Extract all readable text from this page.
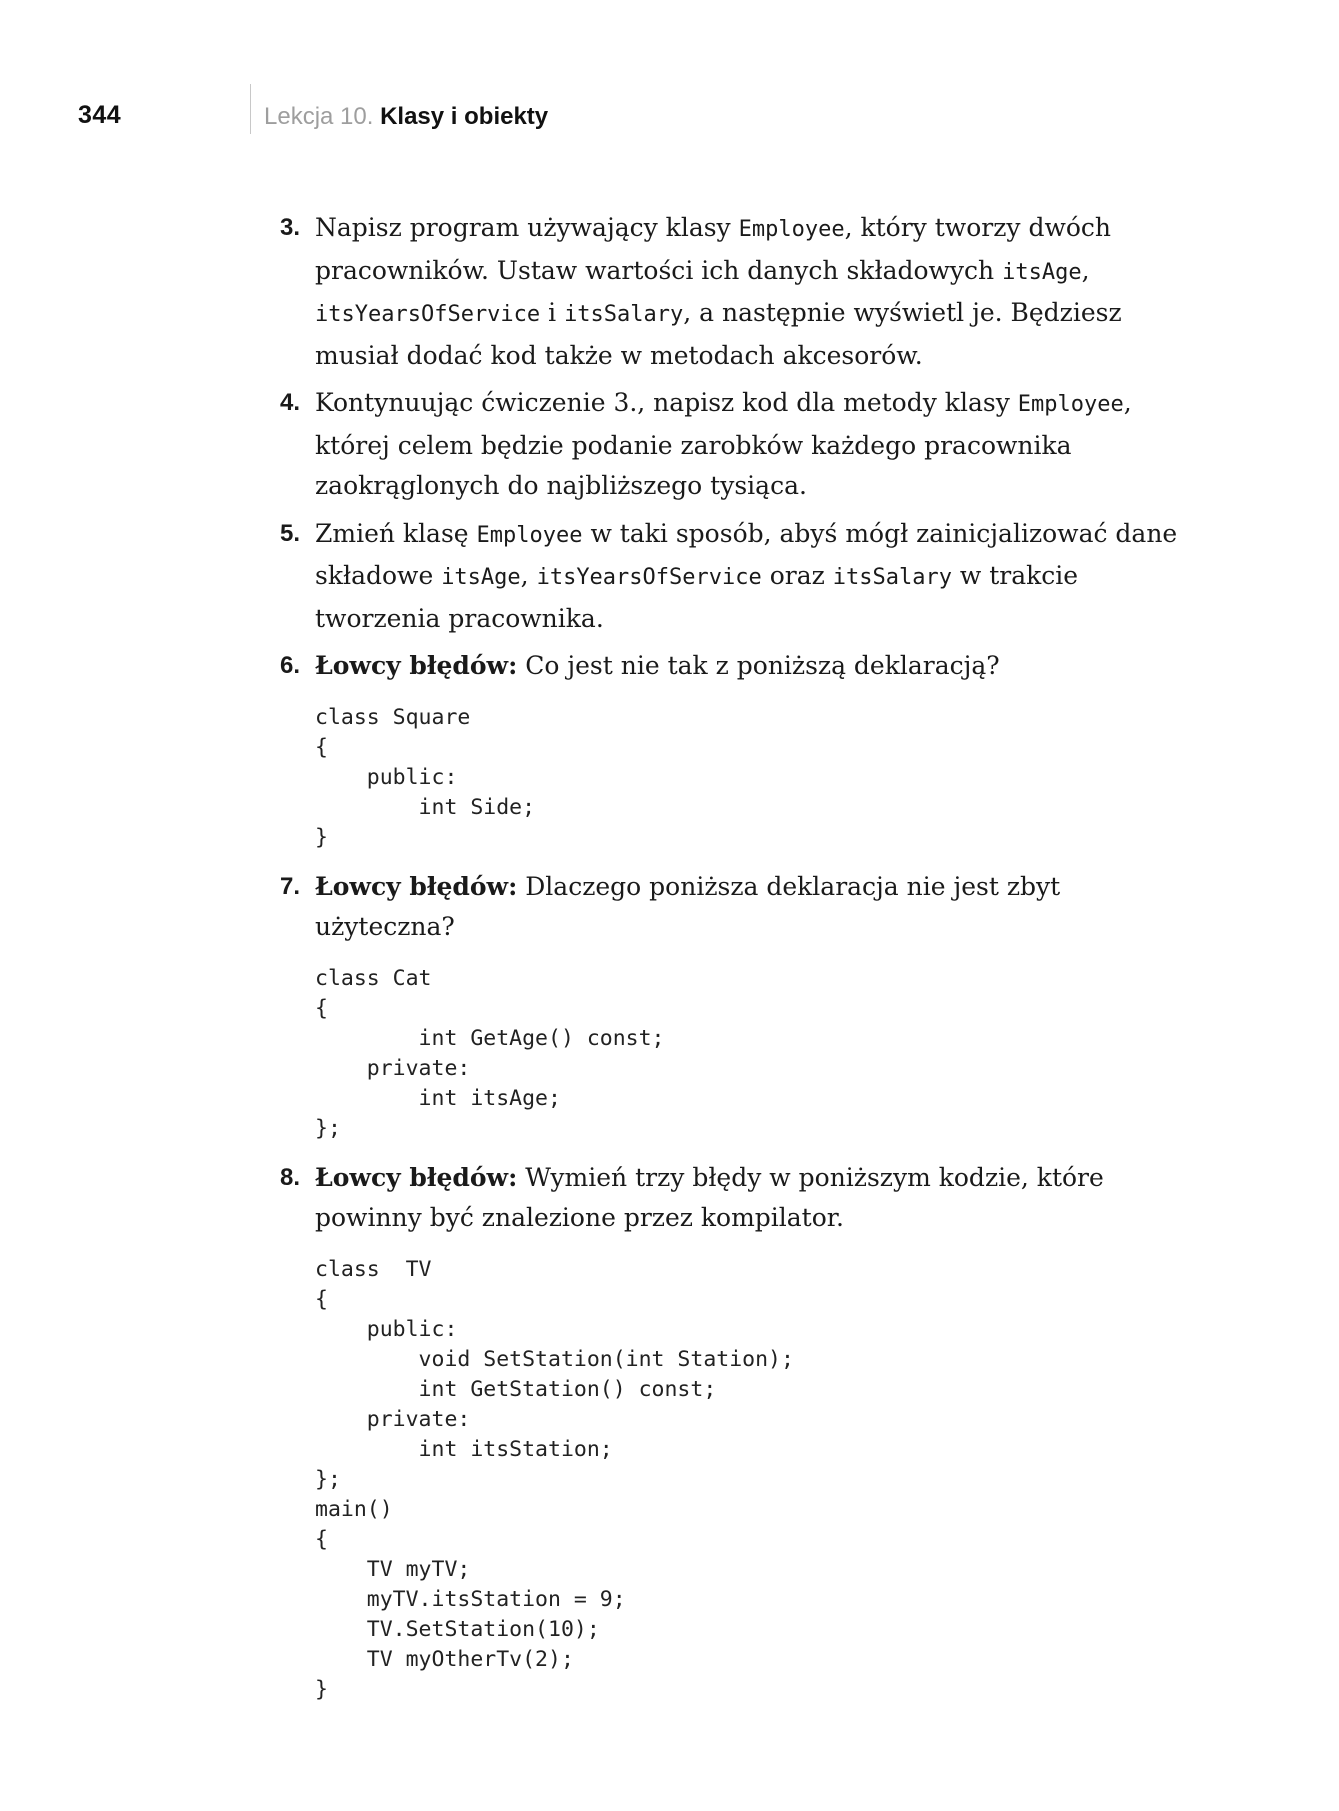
344	Lekcja 10. Klasy i obiekty
3. Napisz program używający klasy Employee, który tworzy dwóch pracowników. Ustaw wartości ich danych składowych itsAge, itsYearsOfService i itsSalary, a następnie wyświetl je. Będziesz musiał dodać kod także w metodach akcesorów.
4. Kontynuując ćwiczenie 3., napisz kod dla metody klasy Employee, której celem będzie podanie zarobków każdego pracownika zaokrąglonych do najbliższego tysiąca.
5. Zmień klasę Employee w taki sposób, abyś mógł zainicjalizować dane składowe itsAge, itsYearsOfService oraz itsSalary w trakcie tworzenia pracownika.
6. Łowcy błędów: Co jest nie tak z poniższą deklaracją?
class Square
{
public:
int Side;
}
7. Łowcy błędów: Dlaczego poniższa deklaracja nie jest zbyt użyteczna?
class Cat
{
int GetAge() const;
private:
int itsAge;
};
8. Łowcy błędów: Wymień trzy błędy w poniższym kodzie, które powinny być znalezione przez kompilator.
class  TV
{
public:
void SetStation(int Station);
int GetStation() const;
private:
int itsStation;
};
main()
{
TV myTV;
myTV.itsStation = 9;
TV.SetStation(10);
TV myOtherTv(2);
}
